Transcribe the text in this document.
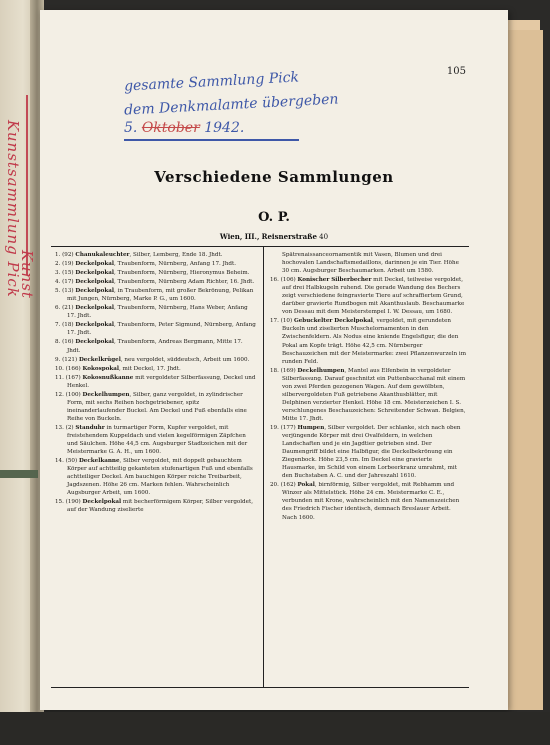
Kunstsammlung Pick
Kunst
105
gesamte Sammlung Pick
dem Denkmalamte übergeben
5. Oktober 1942.
Verschiedene Sammlungen
O. P.
Wien, III., Reisnerstraße 40
1. (92) Chanukaleuchter, Silber, Lemberg, Ende 18. Jhdt.
2. (19) Deckelpokal, Traubenform, Nürnberg, Anfang 17. Jhdt.
3. (15) Deckelpokal, Traubenform, Nürnberg, Hieronymus Beheim.
4. (17) Deckelpokal, Traubenform, Nürnberg Adam Richter, 16. Jhdt.
5. (13) Deckelpokal, in Traubenform, mit großer Bekrönung, Pelikan mit Jungen, Nürnberg, Marke P. G., um 1600.
6. (21) Deckelpokal, Traubenform, Nürnberg, Hans Weber, Anfang 17. Jhdt.
7. (18) Deckelpokal, Traubenform, Peter Sigmund, Nürnberg, Anfang 17. Jhdt.
8. (16) Deckelpokal, Traubenform, Andreas Bergmann, Mitte 17. Jhdt.
9. (121) Deckelkrügel, neu vergoldet, süddeutsch, Arbeit um 1600.
10. (166) Kokospokal, mit Deckel, 17. Jhdt.
11. (167) Kokosnußkanne mit vergoldeter Silberfassung, Deckel und Henkel.
12. (100) Deckelhumpen, Silber, ganz vergoldet, in zylindrischer Form, mit sechs Reihen hochgetriebener, spitz ineinanderlaufender Buckel. Am Deckel und Fuß ebenfalls eine Reihe von Buckeln.
13. (2) Standuhr in turmartiger Form, Kupfer vergoldet, mit freistehendem Kuppeldach und vielen kegelförmigen Zäpfchen und Säulchen. Höhe 44,5 cm. Augsburger Stadtzeichen mit der Meistermarke G. A. H., um 1600.
14. (50) Deckelkanne, Silber vergoldet, mit doppelt gebauchtem Körper auf achtteilig gekanteten stufenartigen Fuß und ebenfalls achtteiliger Deckel. Am bauchigen Körper reiche Treibarbeit, Jagdszenen. Höhe 26 cm. Marken fehlen. Wahrscheinlich Augsburger Arbeit, um 1600.
15. (190) Deckelpokal mit becherförmigem Körper, Silber vergoldet, auf der Wandung ziselierte
Spätrenaissanceornamentik mit Vasen, Blumen und drei hochovalen Landschaftsmedaillons, darinnen je ein Tier. Höhe 30 cm. Augsburger Beschaumarken. Arbeit um 1580.
16. (106) Konischer Silberbecher mit Deckel, teilweise vergoldet, auf drei Halbkugeln ruhend. Die gerade Wandung des Bechers zeigt verschiedene feingravierte Tiere auf schraffiertem Grund, darüber gravierte Rundbogen mit Akanthuslaub. Beschaumarke von Dessau mit dem Meisterstempel I. W. Dessau, um 1680.
17. (10) Gebuckelter Deckelpokal, vergoldet, mit gerundeten Buckeln und ziselierten Muschelornamenten in den Zwischenfeldern. Als Nodus eine kniende Engelsfigur, die den Pokal am Kopfe trägt. Höhe 42,5 cm. Nürnberger Beschauzeichen mit der Meistermarke: zwei Pflanzenwurzeln im runden Feld.
18. (169) Deckelhumpen, Mantel aus Elfenbein in vergoldeter Silberfassung. Darauf geschnitzt ein Puttenbacchanal mit einem von zwei Pferden gezogenen Wagen. Auf dem gewölbten, silbervergoldeten Fuß getriebene Akanthusblätter, mit Delphinen verzierter Henkel. Höhe 18 cm. Meisterzeichen I. S. verschlungenes Beschauzeichen: Schreitender Schwan. Belgien, Mitte 17. Jhdt.
19. (177) Humpen, Silber vergoldet. Der schlanke, sich nach oben verjüngende Körper mit drei Ovalfeldern, in welchen Landschaften und je ein Jagdtier getrieben sind. Der Daumengriff bildet eine Halbfigur, die Deckelbekrönung ein Ziegenbock. Höhe 23,5 cm. Im Deckel eine gravierte Hausmarke, im Schild von einem Lorbeerkranz umrahmt, mit den Buchstaben A. C. und der Jahreszahl 1610.
20. (162) Pokal, birnförmig, Silber vergoldet, mit Rebhamm und Winzer als Mittelstück. Höhe 24 cm. Meistermarke C. E., verbunden mit Krone, wahrscheinlich mit den Namenszeichen des Friedrich Fischer identisch, demnach Breslauer Arbeit. Nach 1600.
